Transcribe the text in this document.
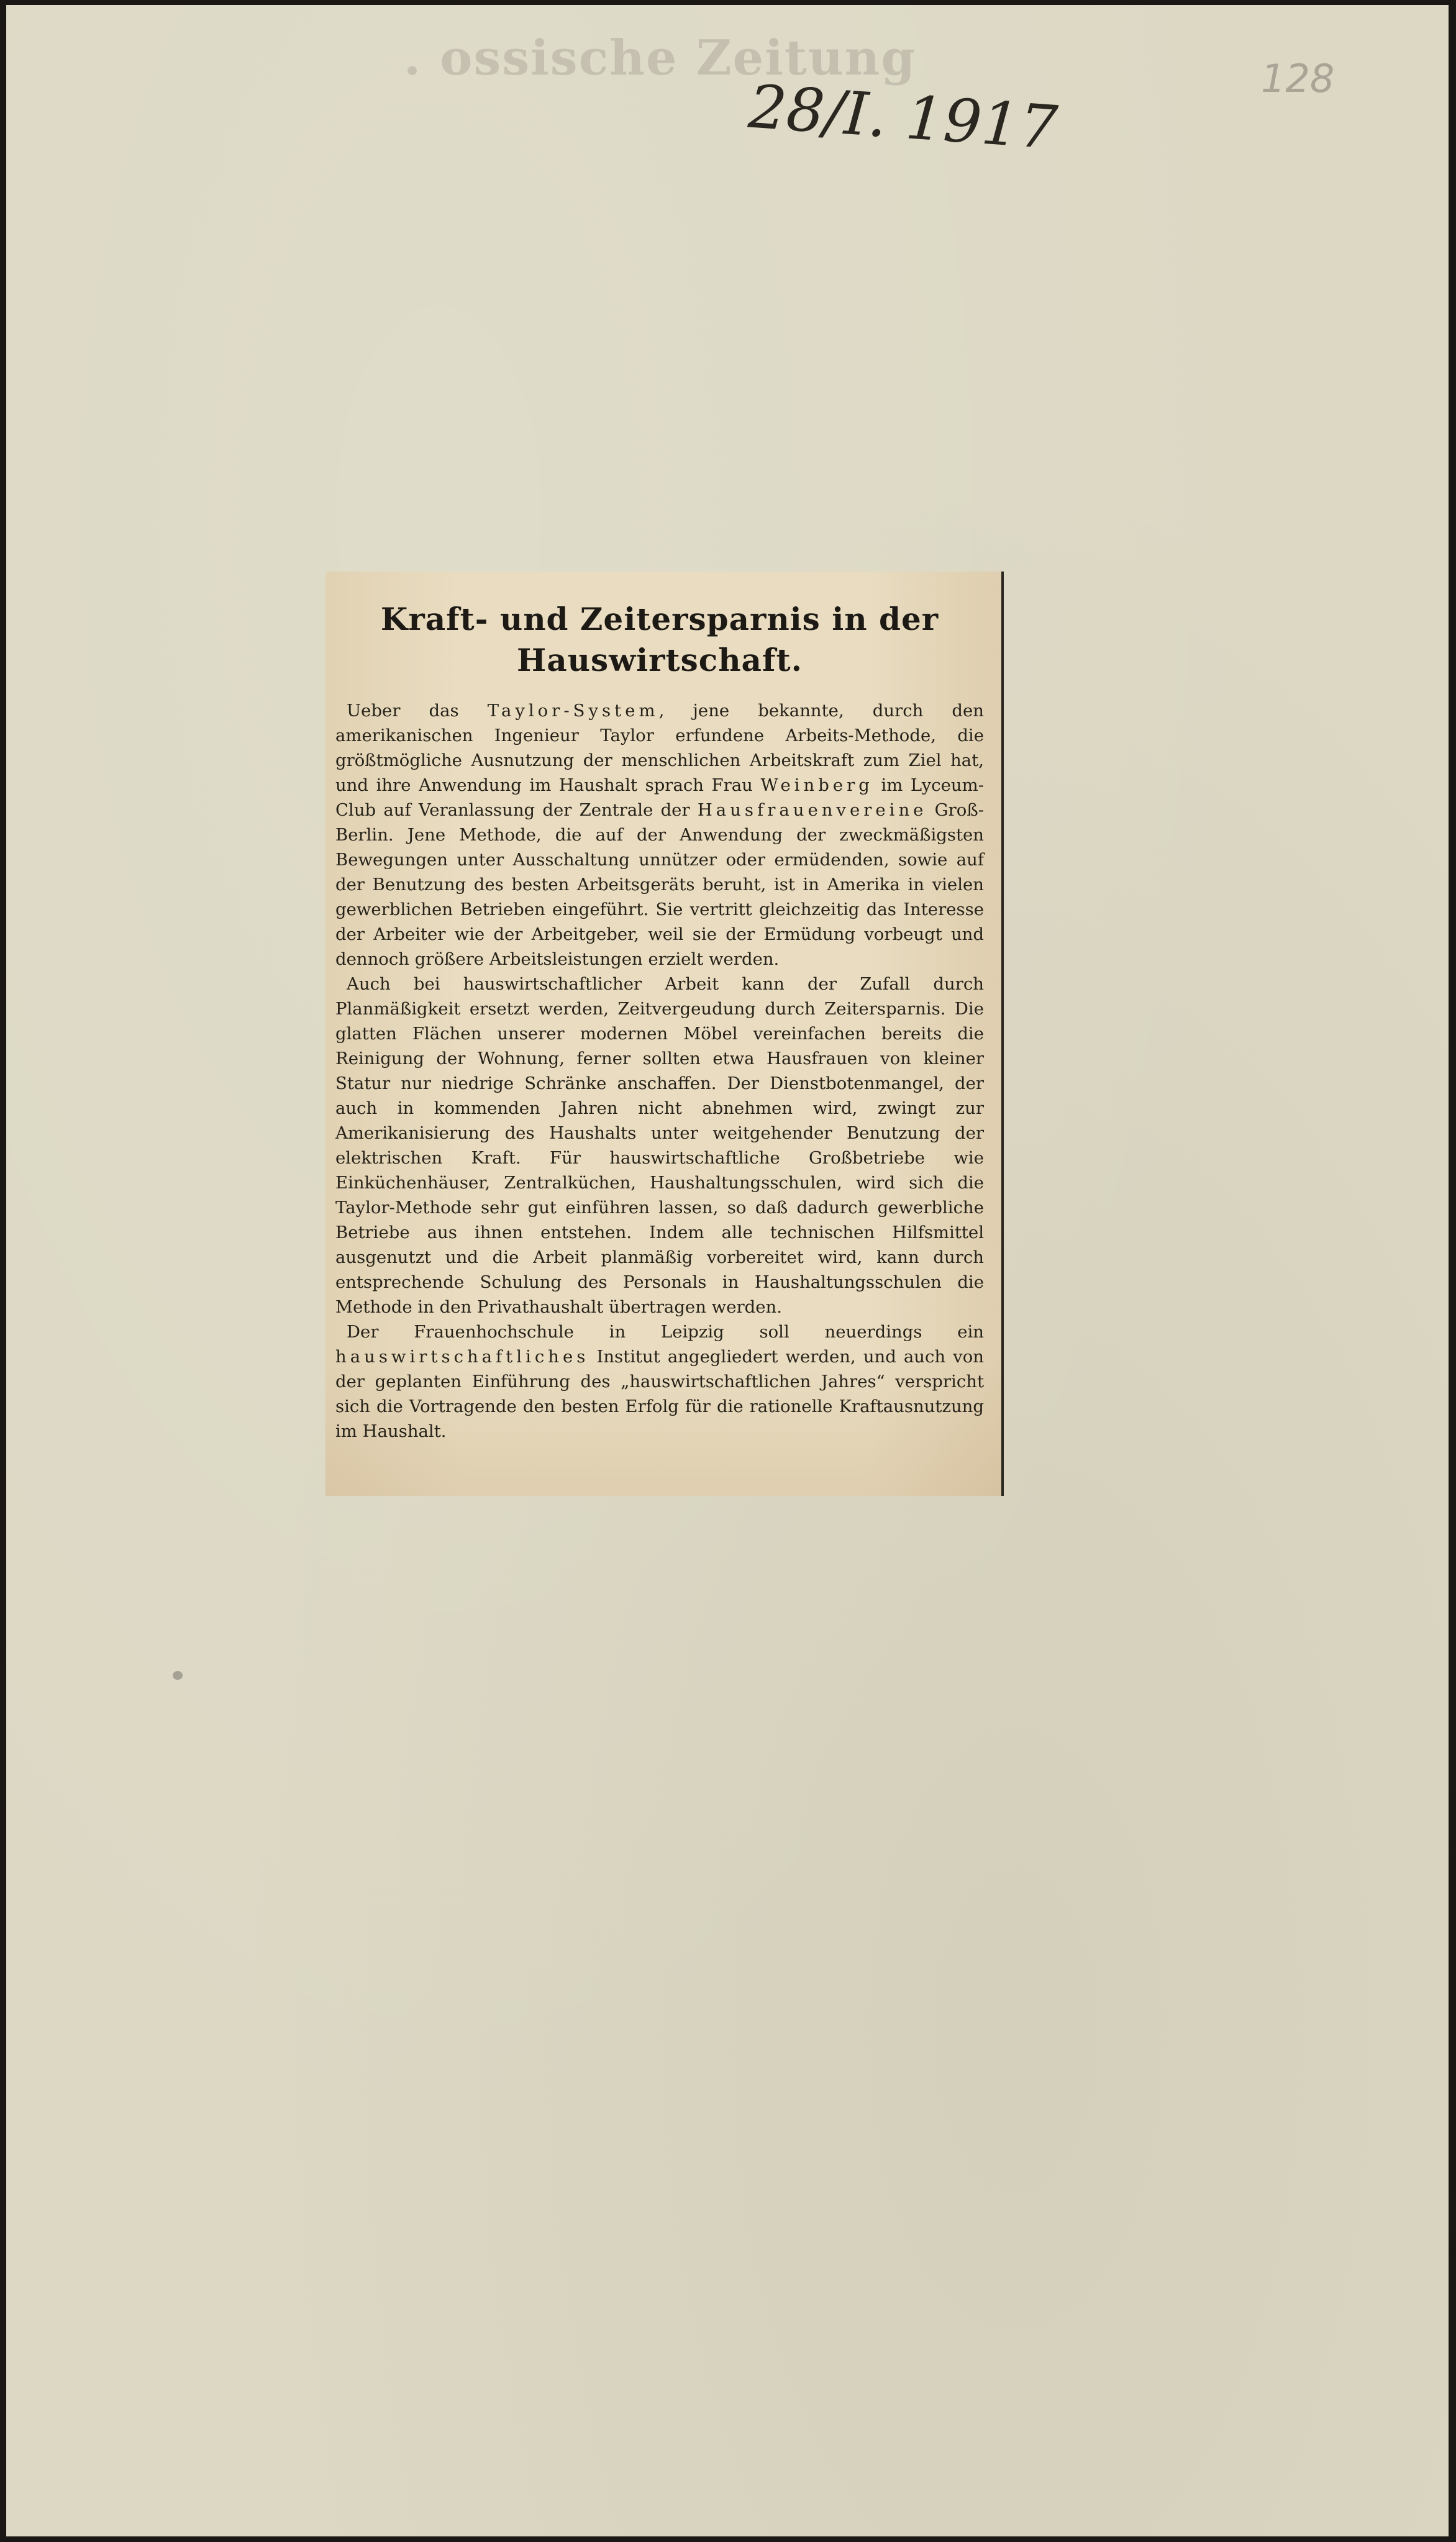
. ossische Zeitung
28/I. 1917	128
Kraft- und Zeitersparnis in der
Hauswirtschaft.

Ueber das Taylor-System, jene bekannte, durch den amerikanischen Ingenieur Taylor erfundene Arbeits-Methode, die größtmögliche Ausnutzung der menschlichen Arbeitskraft zum Ziel hat, und ihre Anwendung im Haushalt sprach Frau Weinberg im Lyceum-Club auf Veranlassung der Zentrale der Hausfrauenvereine Groß-Berlin. Jene Methode, die auf der Anwendung der zweckmäßigsten Bewegungen unter Ausschaltung unnützer oder ermüdenden, sowie auf der Benutzung des besten Arbeitsgeräts beruht, ist in Amerika in vielen gewerblichen Betrieben eingeführt. Sie vertritt gleichzeitig das Interesse der Arbeiter wie der Arbeitgeber, weil sie der Ermüdung vorbeugt und dennoch größere Arbeitsleistungen erzielt werden.

Auch bei hauswirtschaftlicher Arbeit kann der Zufall durch Planmäßigkeit ersetzt werden, Zeitvergeudung durch Zeitersparnis. Die glatten Flächen unserer modernen Möbel vereinfachen bereits die Reinigung der Wohnung, ferner sollten etwa Hausfrauen von kleiner Statur nur niedrige Schränke anschaffen. Der Dienstbotenmangel, der auch in kommenden Jahren nicht abnehmen wird, zwingt zur Amerikanisierung des Haushalts unter weitgehender Benutzung der elektrischen Kraft. Für hauswirtschaftliche Großbetriebe wie Einküchenhäuser, Zentralküchen, Haushaltungsschulen, wird sich die Taylor-Methode sehr gut einführen lassen, so daß dadurch gewerbliche Betriebe aus ihnen entstehen. Indem alle technischen Hilfsmittel ausgenutzt und die Arbeit planmäßig vorbereitet wird, kann durch entsprechende Schulung des Personals in Haushaltungsschulen die Methode in den Privathaushalt übertragen werden.

Der Frauenhochschule in Leipzig soll neuerdings ein hauswirtschaftliches Institut angegliedert werden, und auch von der geplanten Einführung des „hauswirtschaftlichen Jahres“ verspricht sich die Vortragende den besten Erfolg für die rationelle Kraftausnutzung im Haushalt.
